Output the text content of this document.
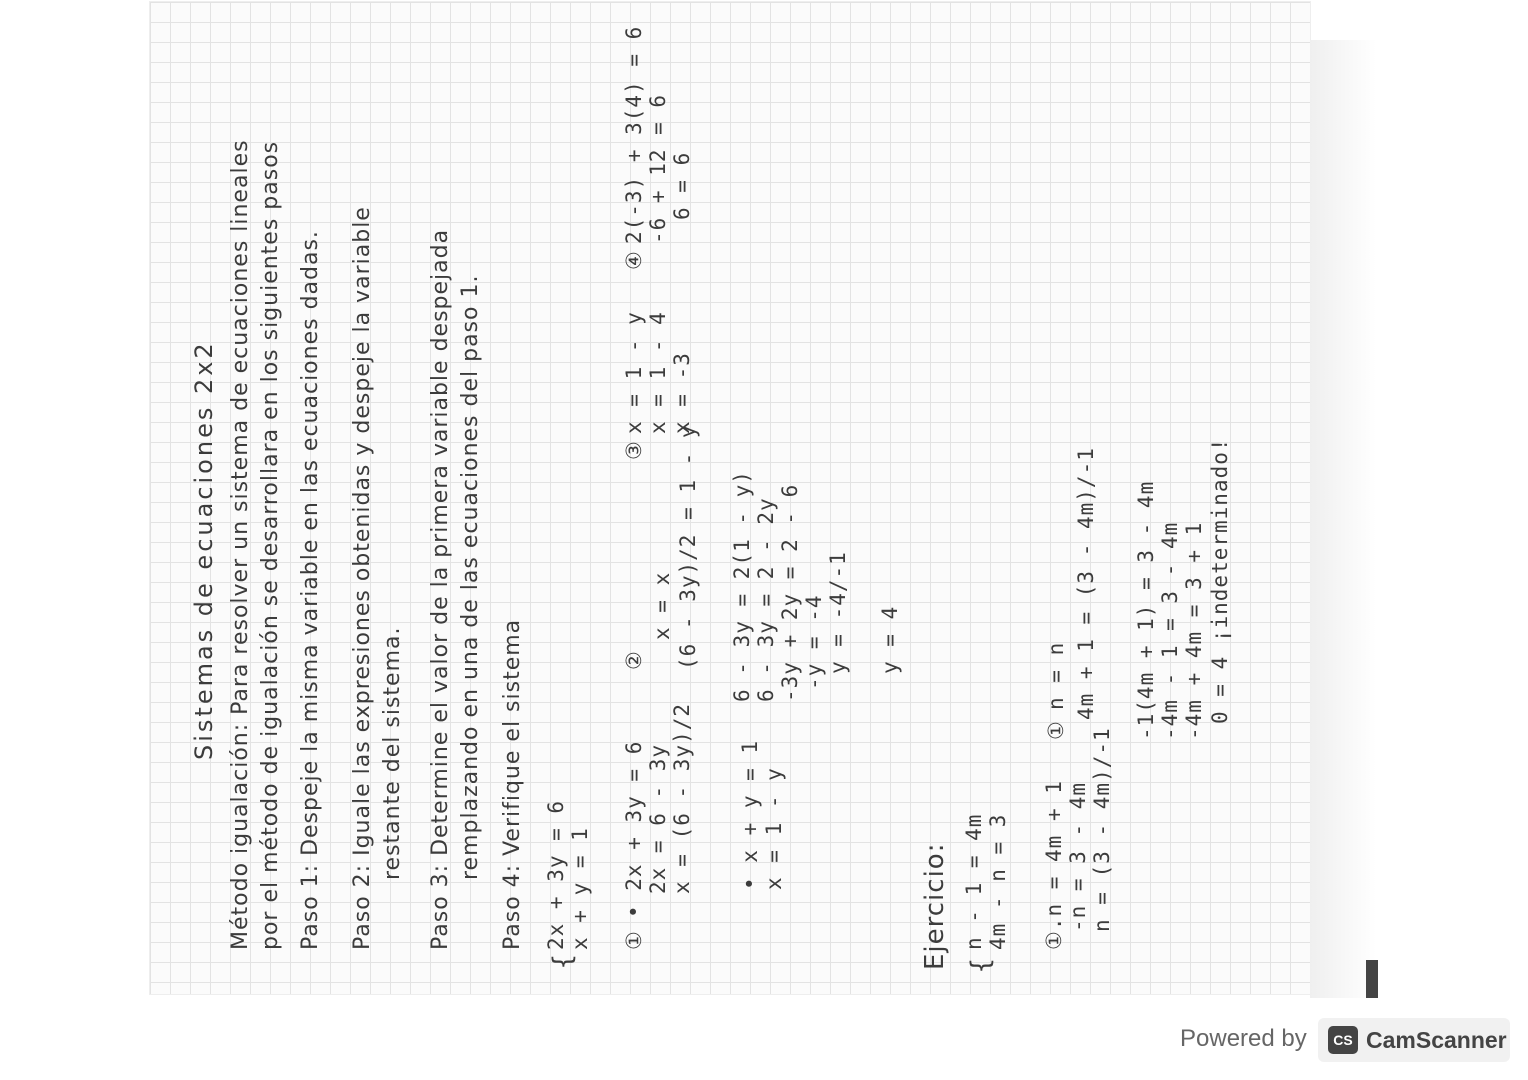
Sistemas de ecuaciones 2x2 Método igualación: Para resolver un sistema de ecuaciones lineales por el método de igualación se desarrollara en los siguientes pasos Paso 1: Despeje la misma variable en las ecuaciones dadas. Paso 2: Iguale las expresiones obtenidas y despeje la variable restante del sistema. Paso 3: Determine el valor de la primera variable despejada remplazando en una de las ecuaciones del paso 1. Paso 4: Verifique el sistema
{
2x + 3y = 6 x + y = 1 ①
• 2x + 3y = 6 2x = 6 - 3y x = (6 - 3y)/2 • x + y = 1 x = 1 - y
②
x = x (6 - 3y)/2 = 1 - y 6 - 3y = 2(1 - y) 6 - 3y = 2 - 2y -3y + 2y = 2 - 6 -y = -4 y = -4/-1 y = 4
③
x = 1 - y x = 1 - 4 x = -3
④
2(-3) + 3(4) = 6 -6 + 12 = 6 6 = 6
Ejercicio: {
n - 1 = 4m 4m - n = 3 ①.n = 4m + 1 -n = 3 - 4m n = (3 - 4m)/-1
①
n = n 4m + 1 = (3 - 4m)/-1 -1(4m + 1) = 3 - 4m -4m - 1 = 3 - 4m -4m + 4m = 3 + 1 0 = 4 ¡indeterminado!
Powered by	CS CamScanner
